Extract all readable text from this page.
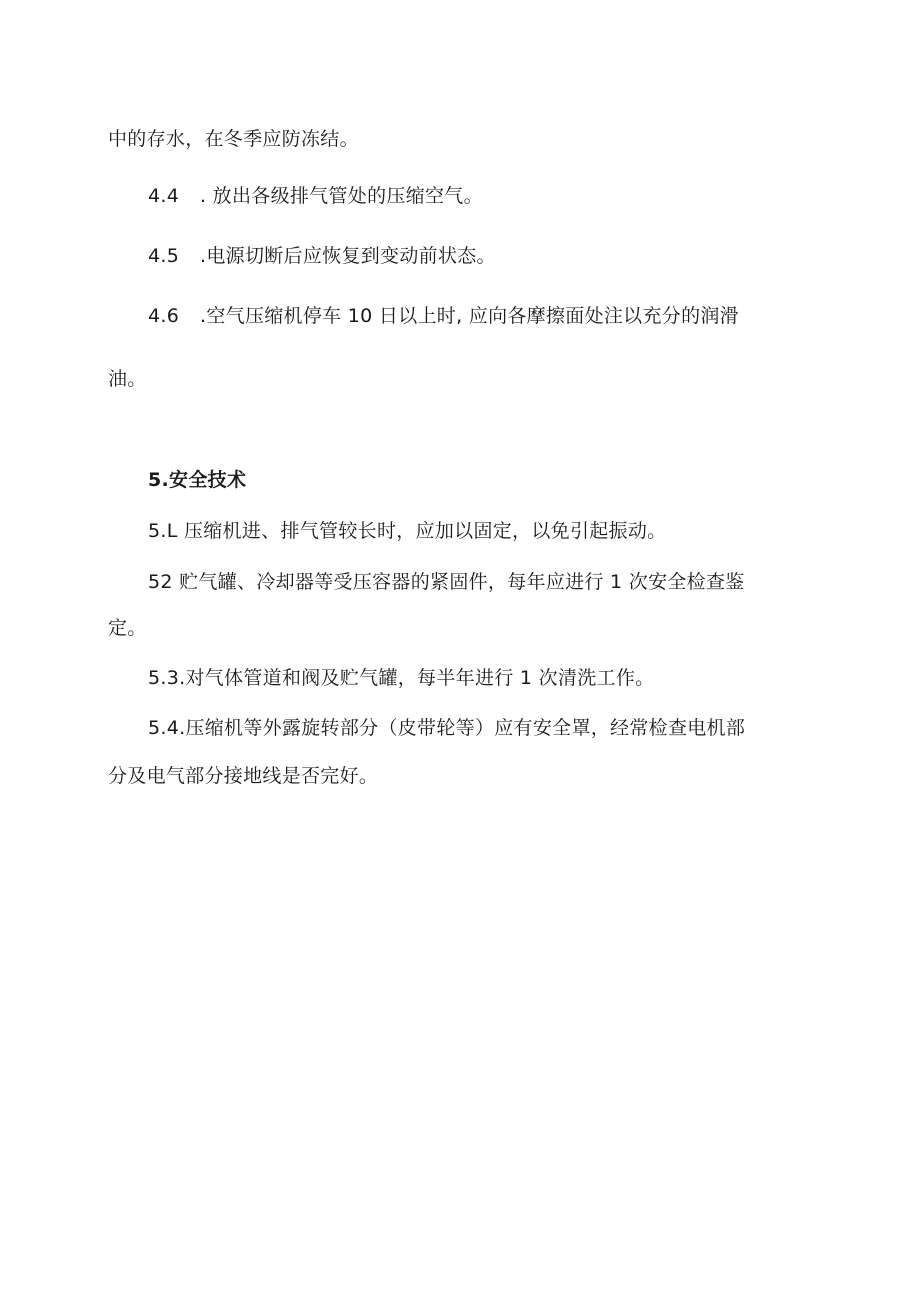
中的存水，在冬季应防冻结。
4.4 . 放出各级排气管处的压缩空气。
4.5 .电源切断后应恢复到变动前状态。
4.6 .空气压缩机停车 10 日以上时, 应向各摩擦面处注以充分的润滑
油。
5.安全技术
5.L 压缩机进、排气管较长时，应加以固定，以免引起振动。
52 贮气罐、冷却器等受压容器的紧固件，每年应进行 1 次安全检查鉴
定。
5.3.对气体管道和阀及贮气罐，每半年进行 1 次清洗工作。
5.4.压缩机等外露旋转部分（皮带轮等）应有安全罩，经常检查电机部
分及电气部分接地线是否完好。
